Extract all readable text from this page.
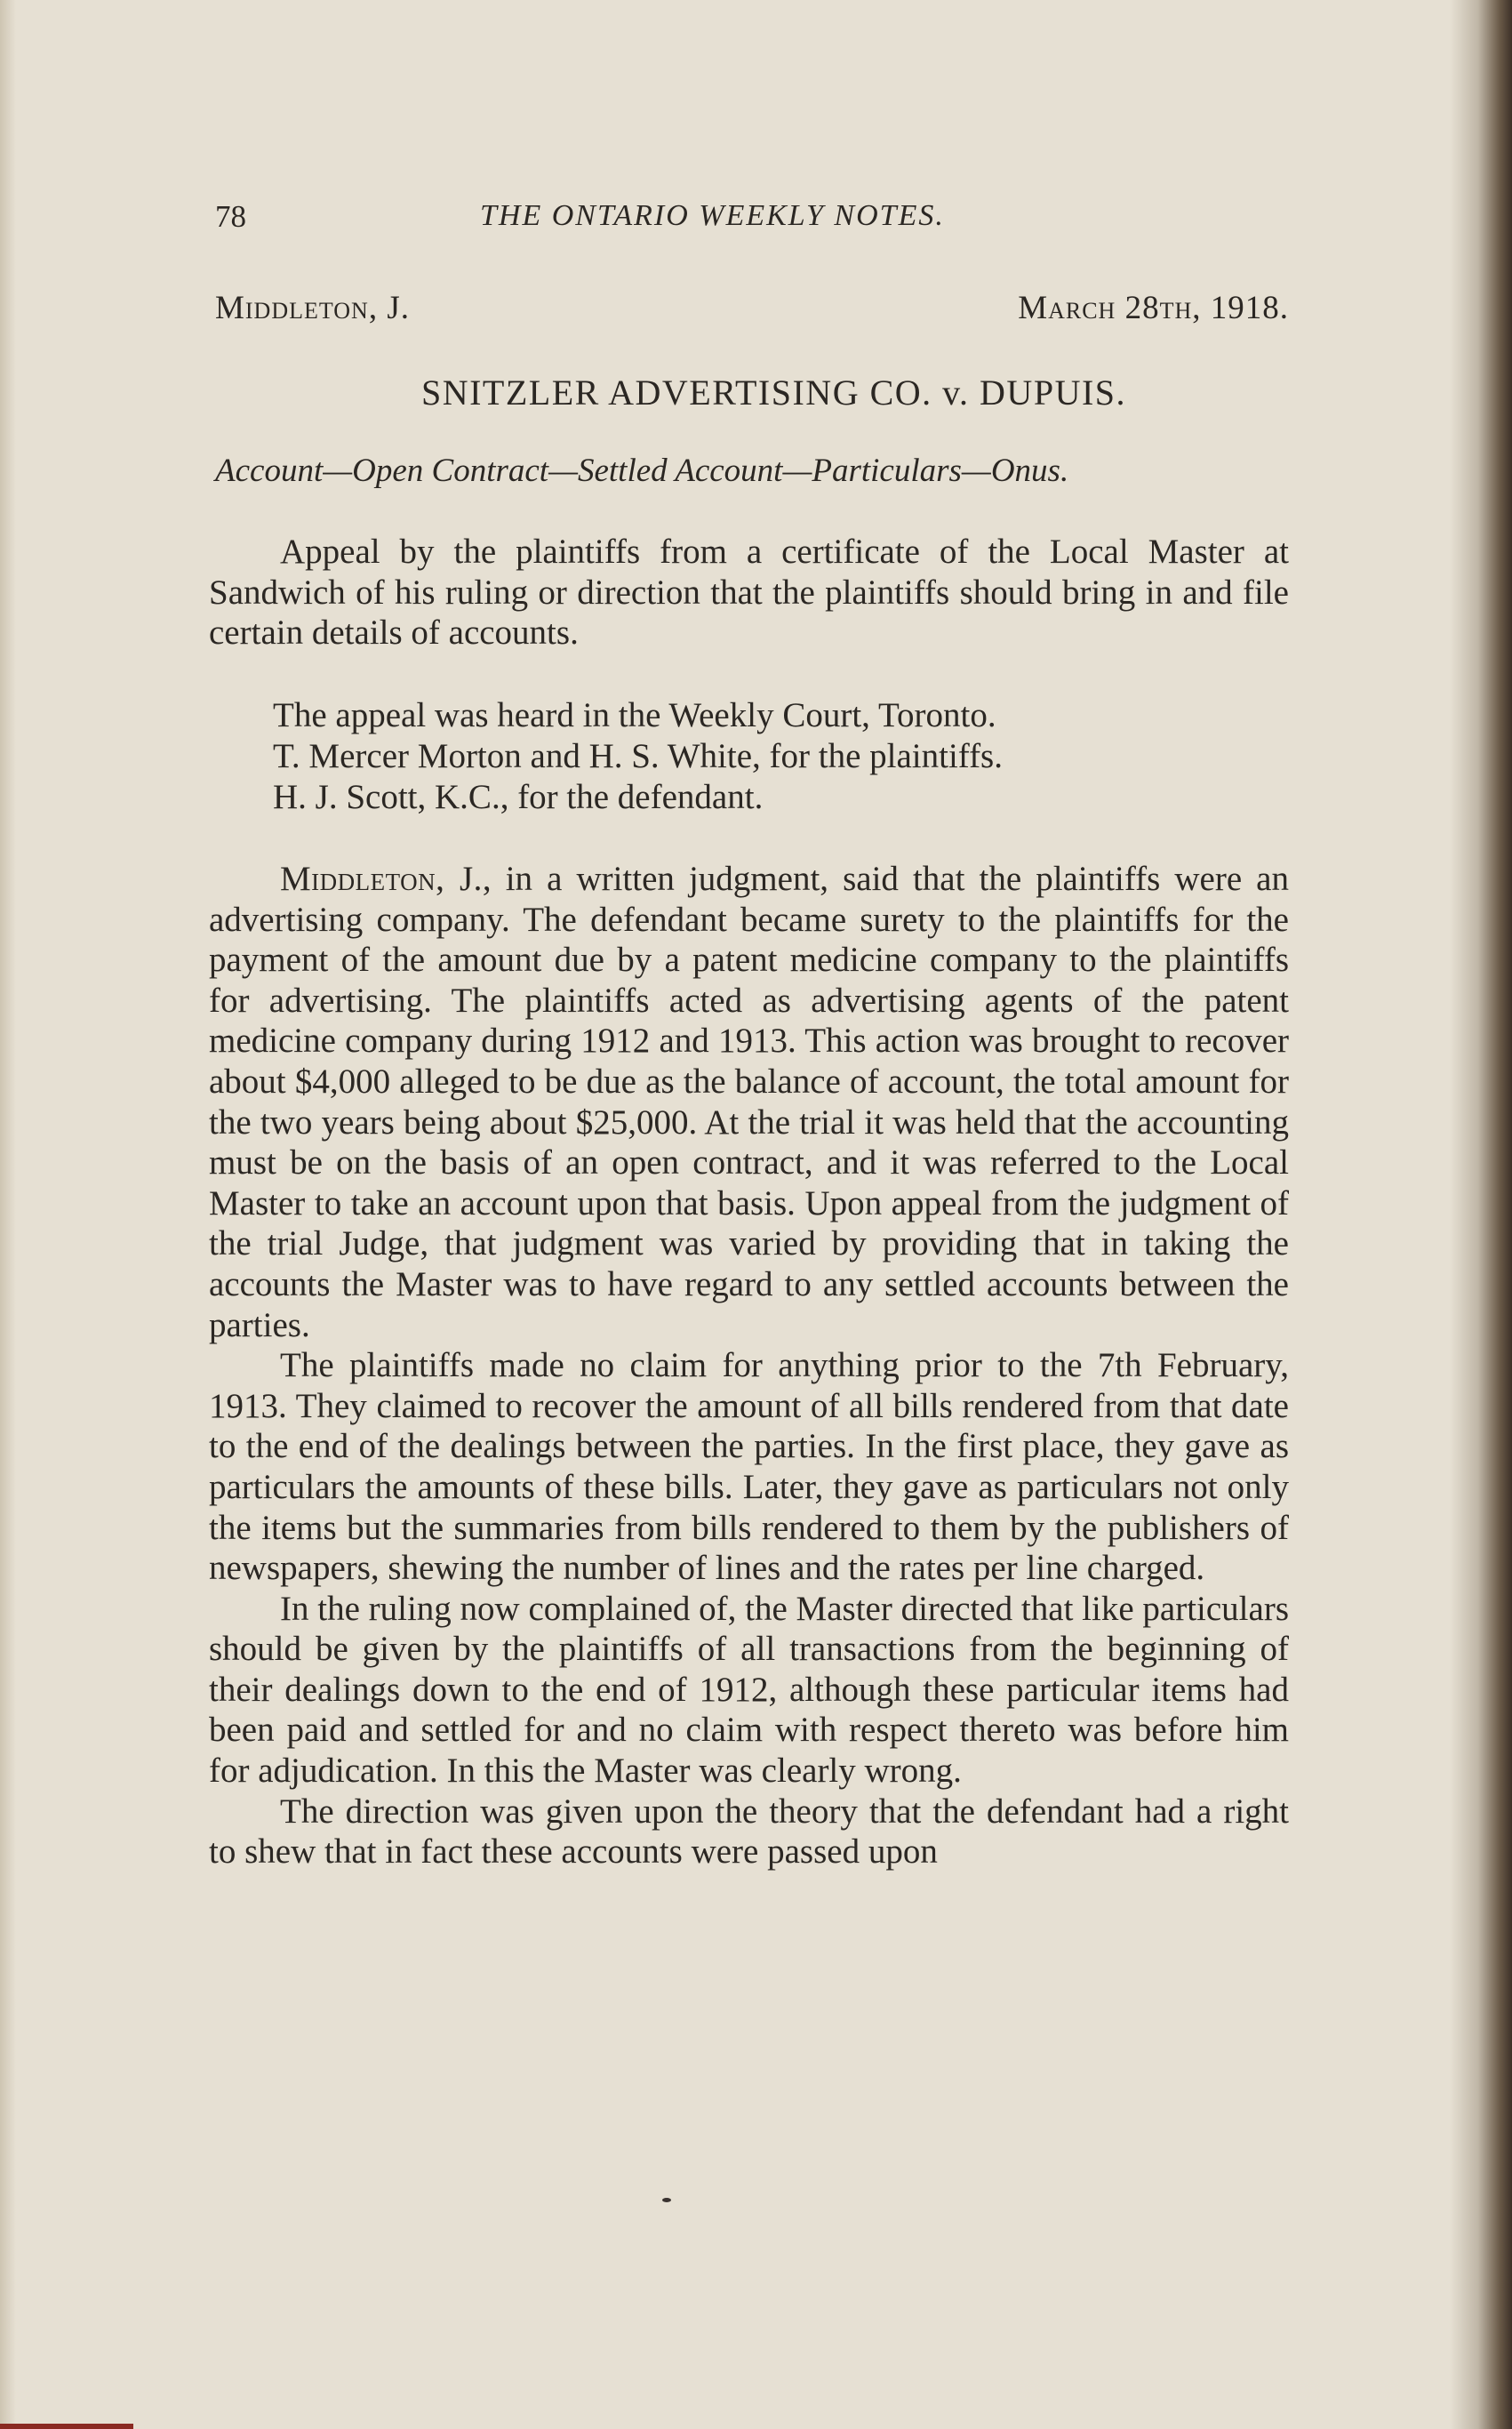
78	THE ONTARIO WEEKLY NOTES.
Middleton, J.	March 28th, 1918.
SNITZLER ADVERTISING CO. v. DUPUIS.
Account—Open Contract—Settled Account—Particulars—Onus.

Appeal by the plaintiffs from a certificate of the Local Master at Sandwich of his ruling or direction that the plaintiffs should bring in and file certain details of accounts.

The appeal was heard in the Weekly Court, Toronto.
T. Mercer Morton and H. S. White, for the plaintiffs.
H. J. Scott, K.C., for the defendant.

Middleton, J., in a written judgment, said that the plaintiffs were an advertising company. The defendant became surety to the plaintiffs for the payment of the amount due by a patent medicine company to the plaintiffs for advertising. The plaintiffs acted as advertising agents of the patent medicine company during 1912 and 1913. This action was brought to recover about $4,000 alleged to be due as the balance of account, the total amount for the two years being about $25,000. At the trial it was held that the accounting must be on the basis of an open contract, and it was referred to the Local Master to take an account upon that basis. Upon appeal from the judgment of the trial Judge, that judgment was varied by providing that in taking the accounts the Master was to have regard to any settled accounts between the parties.

The plaintiffs made no claim for anything prior to the 7th February, 1913. They claimed to recover the amount of all bills rendered from that date to the end of the dealings between the parties. In the first place, they gave as particulars the amounts of these bills. Later, they gave as particulars not only the items but the summaries from bills rendered to them by the publishers of newspapers, shewing the number of lines and the rates per line charged.

In the ruling now complained of, the Master directed that like particulars should be given by the plaintiffs of all transactions from the beginning of their dealings down to the end of 1912, although these particular items had been paid and settled for and no claim with respect thereto was before him for adjudication. In this the Master was clearly wrong.

The direction was given upon the theory that the defendant had a right to shew that in fact these accounts were passed upon
